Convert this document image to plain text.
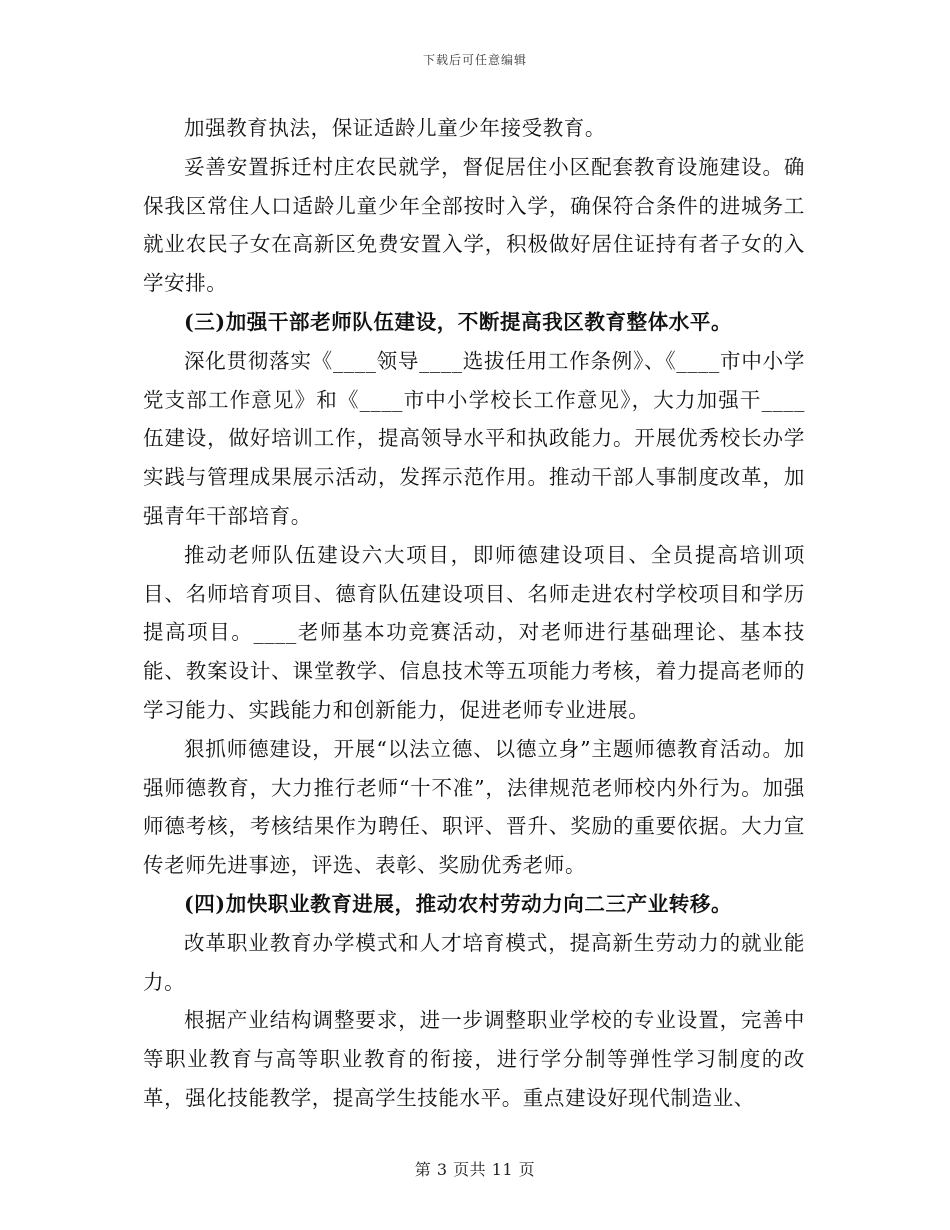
下载后可任意编辑

加强教育执法，保证适龄儿童少年接受教育。

妥善安置拆迁村庄农民就学，督促居住小区配套教育设施建设。确保我区常住人口适龄儿童少年全部按时入学，确保符合条件的进城务工就业农民子女在高新区免费安置入学，积极做好居住证持有者子女的入学安排。

(三)加强干部老师队伍建设，不断提高我区教育整体水平。

深化贯彻落实《____领导____选拔任用工作条例》、《____市中小学党支部工作意见》和《____市中小学校长工作意见》，大力加强干____伍建设，做好培训工作，提高领导水平和执政能力。开展优秀校长办学实践与管理成果展示活动，发挥示范作用。推动干部人事制度改革，加强青年干部培育。

推动老师队伍建设六大项目，即师德建设项目、全员提高培训项目、名师培育项目、德育队伍建设项目、名师走进农村学校项目和学历提高项目。____老师基本功竞赛活动，对老师进行基础理论、基本技能、教案设计、课堂教学、信息技术等五项能力考核，着力提高老师的学习能力、实践能力和创新能力，促进老师专业进展。

狠抓师德建设，开展“以法立德、以德立身”主题师德教育活动。加强师德教育，大力推行老师“十不准”，法律规范老师校内外行为。加强师德考核，考核结果作为聘任、职评、晋升、奖励的重要依据。大力宣传老师先进事迹，评选、表彰、奖励优秀老师。

(四)加快职业教育进展，推动农村劳动力向二三产业转移。

改革职业教育办学模式和人才培育模式，提高新生劳动力的就业能力。

根据产业结构调整要求，进一步调整职业学校的专业设置，完善中等职业教育与高等职业教育的衔接，进行学分制等弹性学习制度的改革，强化技能教学，提高学生技能水平。重点建设好现代制造业、

第 3 页共 11 页
